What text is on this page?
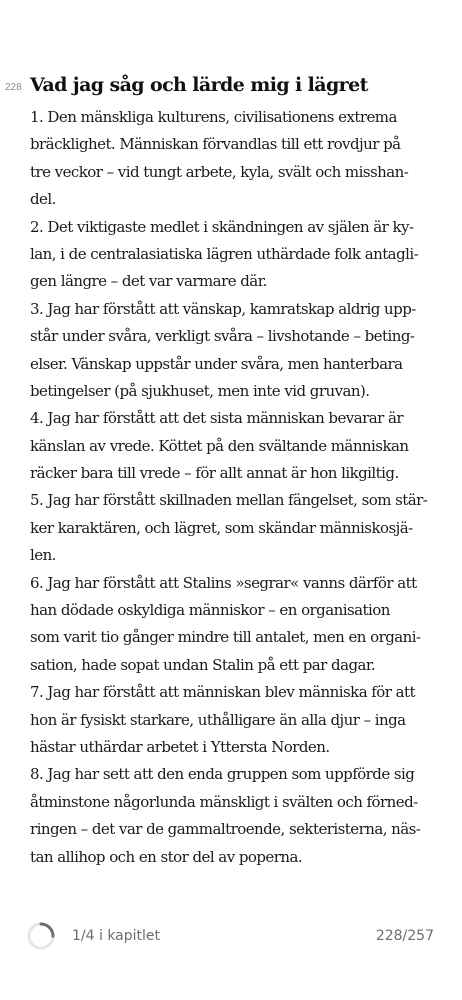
228 Vad jag såg och lärde mig i lägret
1. Den mänskliga kulturens, civilisationens extrema
bräcklighet. Människan förvandlas till ett rovdjur på
tre veckor – vid tungt arbete, kyla, svält och misshan-
del.
2. Det viktigaste medlet i skändningen av själen är ky-
lan, i de centralasiatiska lägren uthärdade folk antagli-
gen längre – det var varmare där.
3. Jag har förstått att vänskap, kamratskap aldrig upp-
står under svåra, verkligt svåra – livshotande – beting-
elser. Vänskap uppstår under svåra, men hanterbara
betingelser (på sjukhuset, men inte vid gruvan).
4. Jag har förstått att det sista människan bevarar är
känslan av vrede. Köttet på den svältande människan
räcker bara till vrede – för allt annat är hon likgiltig.
5. Jag har förstått skillnaden mellan fängelset, som stär-
ker karaktären, och lägret, som skändar människosjä-
len.
6. Jag har förstått att Stalins »segrar« vanns därför att
han dödade oskyldiga människor – en organisation
som varit tio gånger mindre till antalet, men en organi-
sation, hade sopat undan Stalin på ett par dagar.
7. Jag har förstått att människan blev människa för att
hon är fysiskt starkare, uthålligare än alla djur – inga
hästar uthärdar arbetet i Yttersta Norden.
8. Jag har sett att den enda gruppen som uppförde sig
åtminstone någorlunda mänskligt i svälten och förned-
ringen – det var de gammaltroende, sekteristerna, näs-
tan allihop och en stor del av poperna.
1/4 i kapitlet	228/257
